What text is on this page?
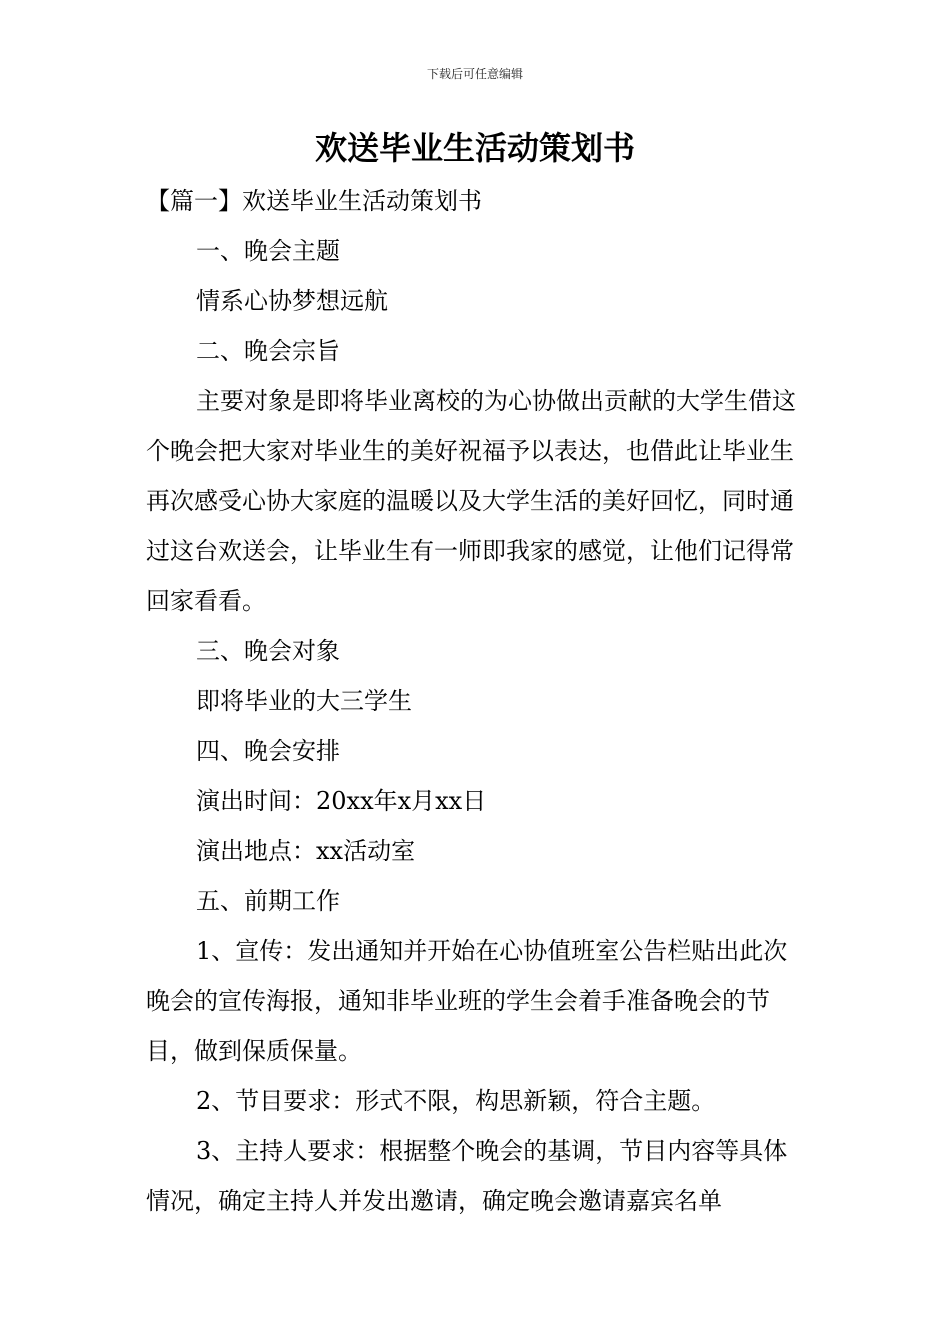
下载后可任意编辑
欢送毕业生活动策划书

【篇一】欢送毕业生活动策划书

一、晚会主题

情系心协梦想远航

二、晚会宗旨

主要对象是即将毕业离校的为心协做出贡献的大学生借这个晚会把大家对毕业生的美好祝福予以表达，也借此让毕业生再次感受心协大家庭的温暖以及大学生活的美好回忆，同时通过这台欢送会，让毕业生有一师即我家的感觉，让他们记得常回家看看。

三、晚会对象

即将毕业的大三学生

四、晚会安排

演出时间：20xx年x月xx日

演出地点：xx活动室

五、前期工作

1、宣传：发出通知并开始在心协值班室公告栏贴出此次晚会的宣传海报，通知非毕业班的学生会着手准备晚会的节目，做到保质保量。

2、节目要求：形式不限，构思新颖，符合主题。

3、主持人要求：根据整个晚会的基调，节目内容等具体情况，确定主持人并发出邀请，确定晚会邀请嘉宾名单
